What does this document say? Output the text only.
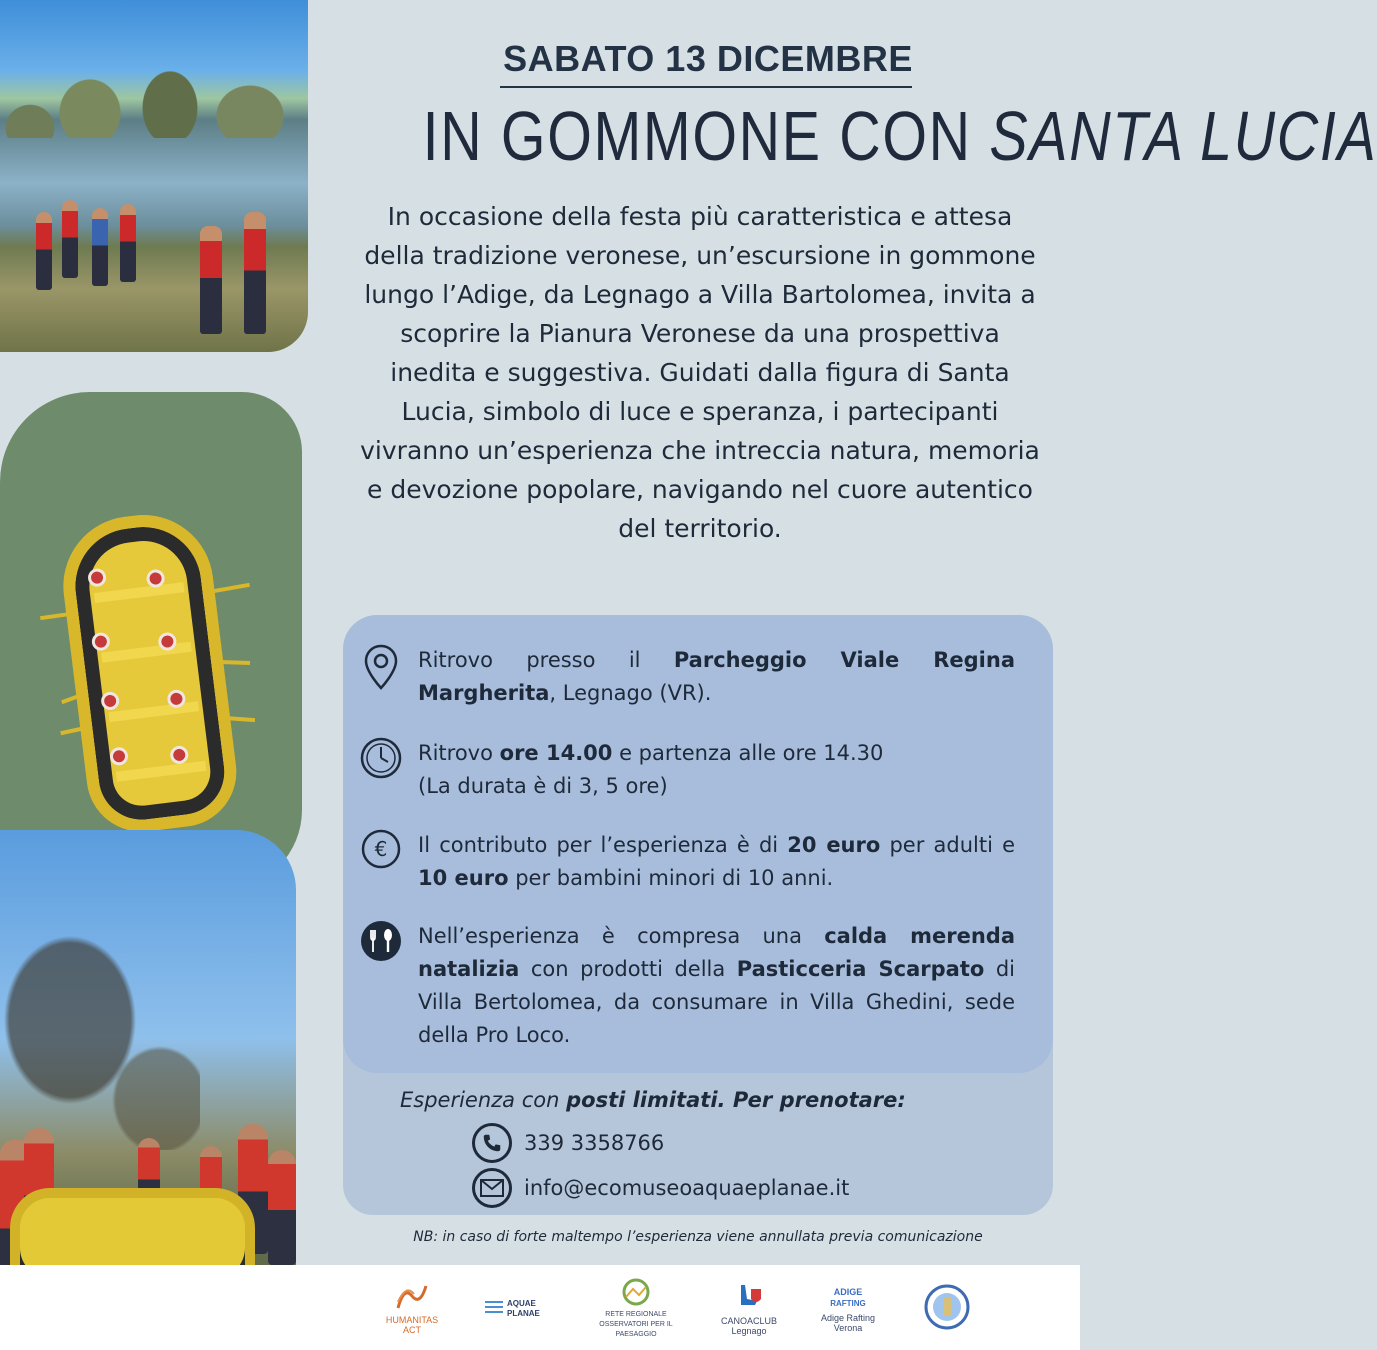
SABATO 13 DICEMBRE
IN GOMMONE CON SANTA LUCIA
In occasione della festa più caratteristica e attesa della tradizione veronese, un’escursione in gommone lungo l’Adige, da Legnago a Villa Bartolomea, invita a scoprire la Pianura Veronese da una prospettiva inedita e suggestiva. Guidati dalla figura di Santa Lucia, simbolo di luce e speranza, i partecipanti vivranno un’esperienza che intreccia natura, memoria e devozione popolare, navigando nel cuore autentico del territorio.
Ritrovo presso il Parcheggio Viale Regina Margherita, Legnago (VR).
Ritrovo ore 14.00 e partenza alle ore 14.30
(La durata è di 3, 5 ore)
€ Il contributo per l’esperienza è di 20 euro per adulti e 10 euro per bambini minori di 10 anni.
Nell’esperienza è compresa una calda merenda natalizia con prodotti della Pasticceria Scarpato di Villa Bertolomea, da consumare in Villa Ghedini, sede della Pro Loco.
Esperienza con posti limitati. Per prenotare:
339 3358766
info@ecomuseoaquaeplanae.it
NB: in caso di forte maltempo l’esperienza viene annullata previa comunicazione
HUMANITAS ACT
AQUAE
PLANAE	RETE REGIONALE OSSERVATORI PER IL PAESAGGIO
CANOACLUB Legnago
ADIGE
RAFTING
Adige Rafting Verona
